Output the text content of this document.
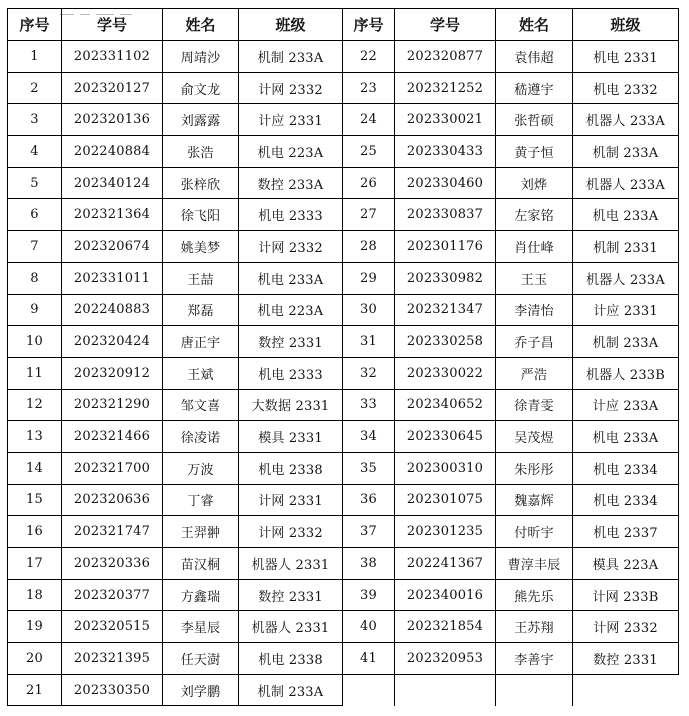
序号	学号	姓名	班级	序号	学号	姓名	班级
1	202331102	周靖沙	机制 233A	22	202320877	袁伟超	机电 2331
2	202320127	俞文龙	计网 2332	23	202321252	嵇遵宇	机电 2332
3	202320136	刘露露	计应 2331	24	202330021	张哲硕	机器人 233A
4	202240884	张浩	机电 223A	25	202330433	黄子恒	机制 233A
5	202340124	张梓欣	数控 233A	26	202330460	刘烨	机器人 233A
6	202321364	徐飞阳	机电 2333	27	202330837	左家铭	机电 233A
7	202320674	姚美梦	计网 2332	28	202301176	肖仕峰	机制 2331
8	202331011	王喆	机电 233A	29	202330982	王玉	机器人 233A
9	202240883	郑磊	机电 223A	30	202321347	李清怡	计应 2331
10	202320424	唐正宇	数控 2331	31	202330258	乔子昌	机制 233A
11	202320912	王斌	机电 2333	32	202330022	严浩	机器人 233B
12	202321290	邹文喜	大数据 2331	33	202340652	徐青雯	计应 233A
13	202321466	徐凌诺	模具 2331	34	202330645	吴茂煜	机电 233A
14	202321700	万波	机电 2338	35	202300310	朱彤彤	机电 2334
15	202320636	丁睿	计网 2331	36	202301075	魏嘉辉	机电 2334
16	202321747	王羿翀	计网 2332	37	202301235	付昕宇	机电 2337
17	202320336	苗汉桐	机器人 2331	38	202241367	曹淳丰辰	模具 223A
18	202320377	方鑫瑞	数控 2331	39	202340016	熊先乐	计网 233B
19	202320515	李星辰	机器人 2331	40	202321854	王苏翔	计网 2332
20	202321395	任天澍	机电 2338	41	202320953	李善宇	数控 2331
21	202330350	刘学鹏	机制 233A				
